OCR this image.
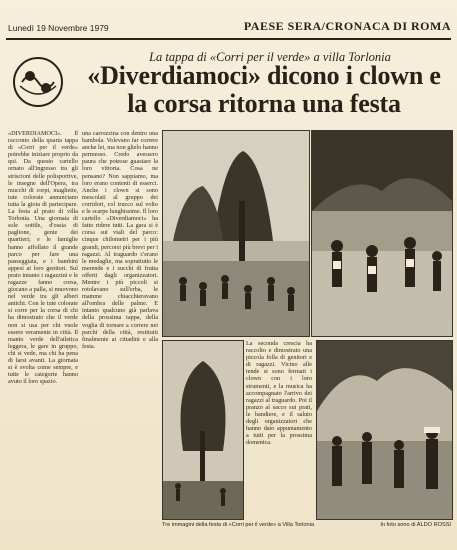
Lunedì 19 Novembre 1979	PAESE SERA/CRONACA DI ROMA
La tappa di «Corri per il verde» a villa Torlonia
«Diverdiamoci» dicono i clown e la corsa ritorna una festa
«DIVERDIAMOCI». Il racconto della quarta tappa di «Corri per il verde» potrebbe iniziare proprio da qui. Da questo cartello ornato all'ingresso tra gli striscioni delle polisportive, le insegne dell'Opera, tra mucchi di corpi, magliette, tute colorate annunciano tutta la gioia di partecipare. La festa al prato di villa Torlonia. Una giornata di sole sottile, d'ossia di paglione, gente dei quartieri; e le famiglie hanno affollato il grande parco per fare una passeggiata, e i bambini appesi ai loro genitori. Sul prato intanto i ragazzini e le ragazze fanno corsa, giocano a palla, si muovono nel verde tra gli alberi antichi. Con le tute colorate si corre per la corsa di chi ha dimostrato che il verde non si usa per chi vuole essere veramente in città. Il manto verde dell'atletica leggera, le gare in gruppo, chi si vede, ma chi ha pena di farsi avanti. La giornata si è svolta come sempre, e tutte le categorie hanno avuto il loro spazio.
una carrozzina con dentro una bambola. Volevano far correre anche lei, ma non glielo hanno permesso. Credo avessero paura che potesse guastare la loro vittoria. Cosa ne pensano? Non sappiamo, ma loro erano contenti di esserci. Anche i clown si sono mescolati al gruppo dei corridori, col trucco sul volto e le scarpe lunghissime. Il loro cartello «Diverdiamoci» ha fatto ridere tutti. La gara si è corsa sui viali del parco: cinque chilometri per i più grandi, percorsi più brevi per i ragazzi. Al traguardo c'erano le medaglie, ma soprattutto le merende e i succhi di frutta offerti dagli organizzatori. Mentre i più piccoli si rotolavano sull'erba, le mamme chiacchieravano all'ombra delle palme. E intanto qualcuno già parlava della prossima tappa, della voglia di tornare a correre nei parchi della città, restituiti finalmente ai cittadini e alla festa.	La seconda crescia ha raccolto e dimostrato una piccola folla di genitori e di ragazzi. Vicino alle tende si sono fermati i clown con i loro strumenti, e la musica ha accompagnato l'arrivo dei ragazzi al traguardo. Poi il pranzo al sacco sui prati, le bandiere, e il saluto degli organizzatori che hanno dato appuntamento a tutti per la prossima domenica.
Tre immagini della festa di «Corri per il verde» a Villa Torlonia	In foto sono di ALDO ROSSI
